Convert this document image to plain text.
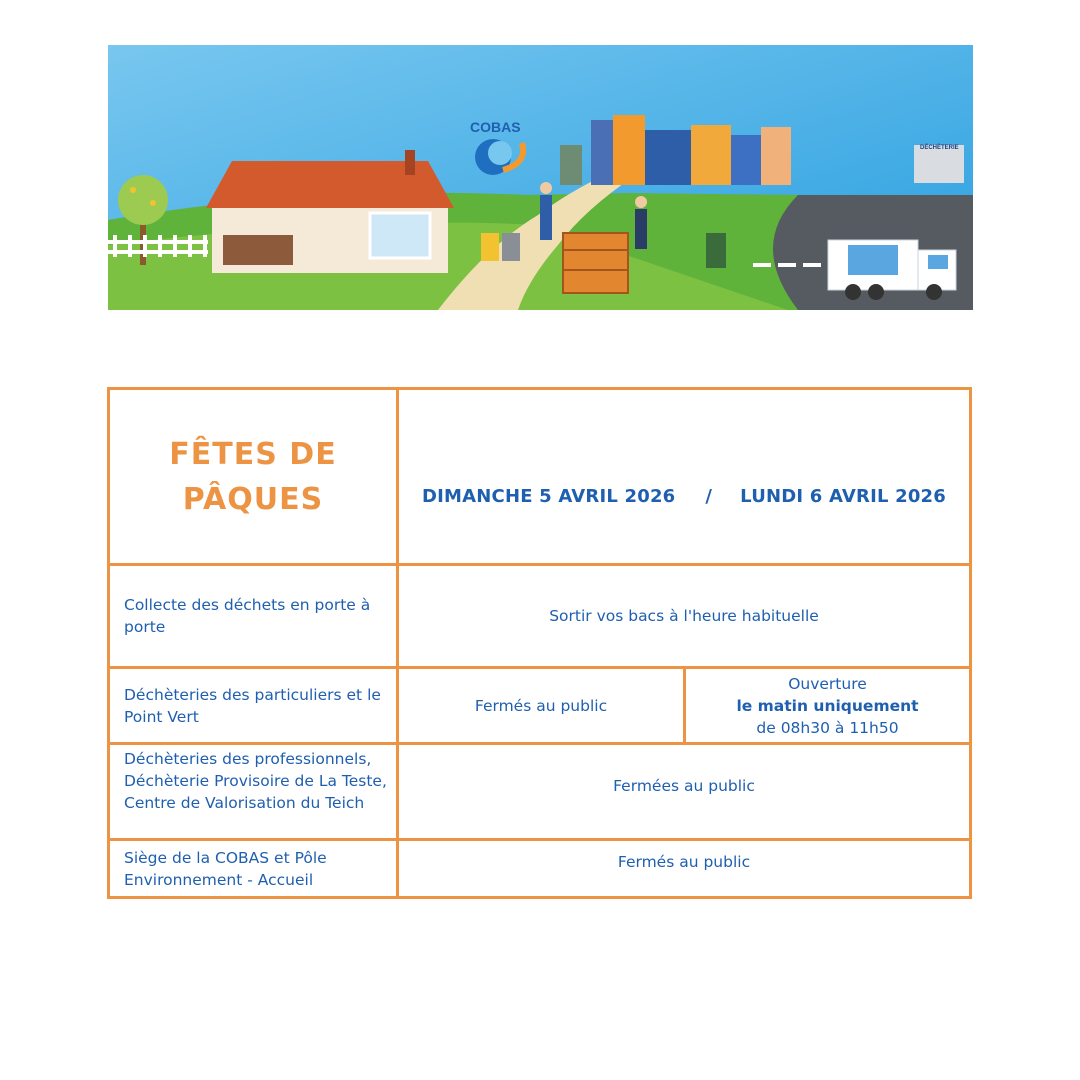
COBAS
DÉCHÈTERIE
FÊTES DE
PÂQUES	DIMANCHE 5 AVRIL 2026 / LUNDI 6 AVRIL 2026
Collecte des déchets en porte à porte
Sortir vos bacs à l'heure habituelle
Déchèteries des particuliers et le Point Vert
Fermés au public
Ouverture
le matin uniquement
de 08h30 à 11h50
Déchèteries des professionnels,
Déchèterie Provisoire de La Teste,
Centre de Valorisation du Teich
Fermées au public
Siège de la COBAS et Pôle Environnement - Accueil
Fermés au public
